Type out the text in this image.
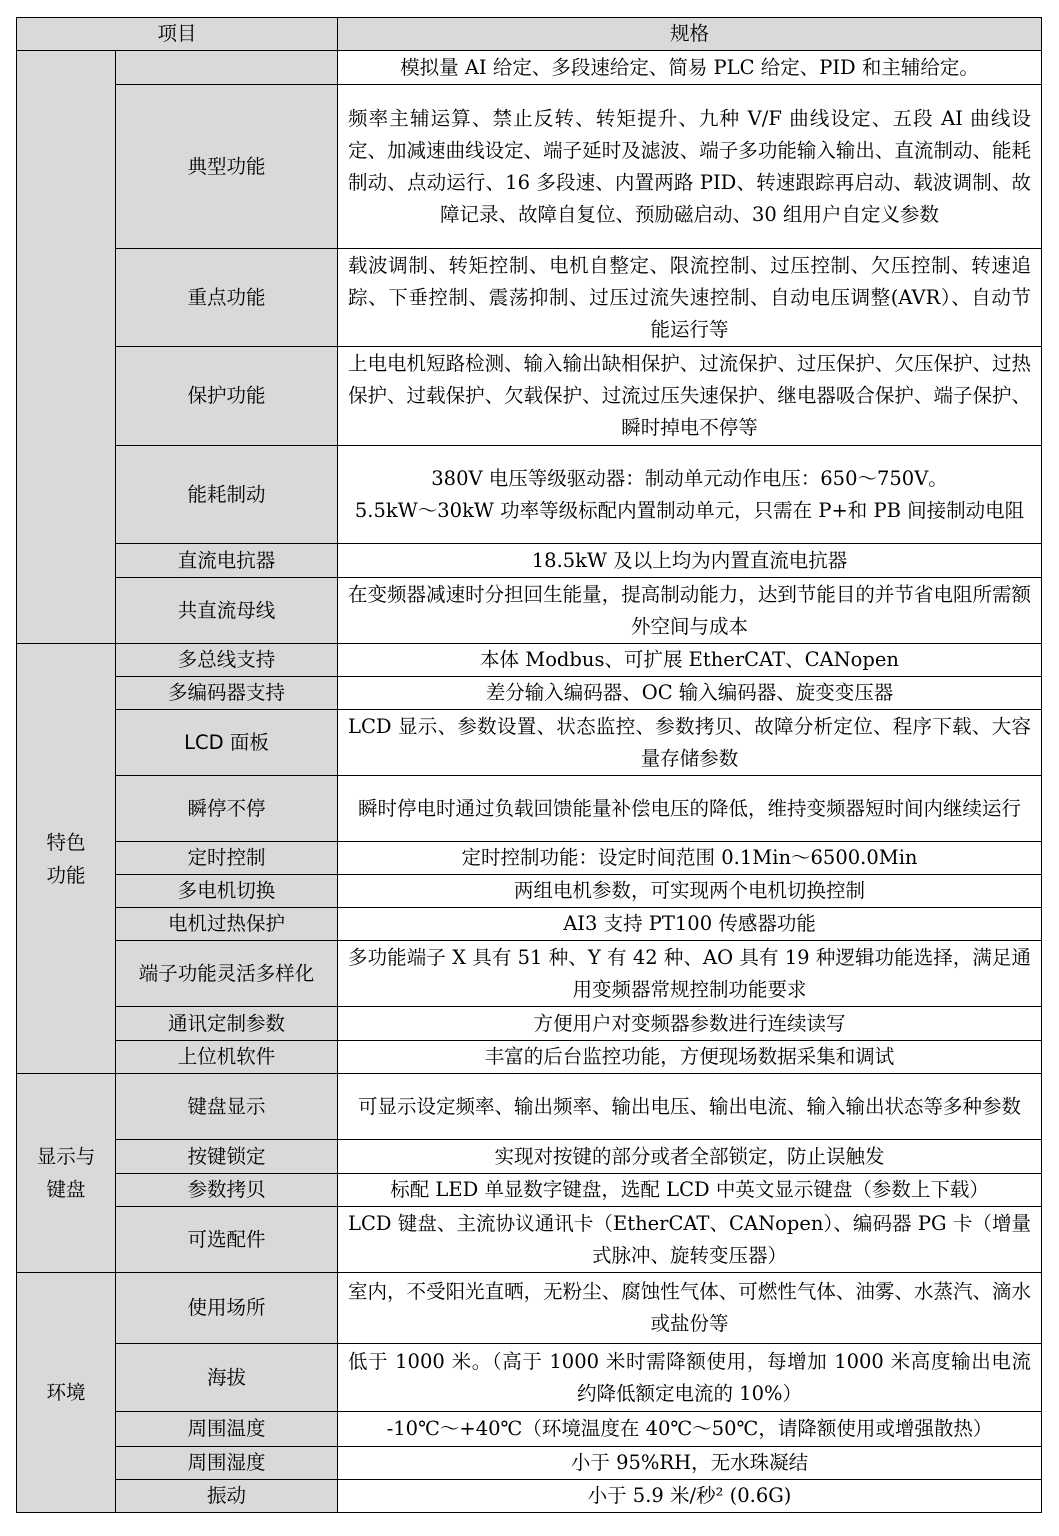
项目		规格
		模拟量 AI 给定、多段速给定、简易 PLC 给定、PID 和主辅给定。
	典型功能	频率主辅运算、禁止反转、转矩提升、九种 V/F 曲线设定、五段 AI 曲线设定、加减速曲线设定、端子延时及滤波、端子多功能输入输出、直流制动、能耗制动、点动运行、16 多段速、内置两路 PID、转速跟踪再启动、载波调制、故障记录、故障自复位、预励磁启动、30 组用户自定义参数
	重点功能	载波调制、转矩控制、电机自整定、限流控制、过压控制、欠压控制、转速追踪、下垂控制、震荡抑制、过压过流失速控制、自动电压调整(AVR）、自动节能运行等
	保护功能	上电电机短路检测、输入输出缺相保护、过流保护、过压保护、欠压保护、过热保护、过载保护、欠载保护、过流过压失速保护、继电器吸合保护、端子保护、瞬时掉电不停等
	能耗制动	380V 电压等级驱动器：制动单元动作电压：650～750V。
5.5kW～30kW 功率等级标配内置制动单元，只需在 P+和 PB 间接制动电阻
	直流电抗器	18.5kW 及以上均为内置直流电抗器
	共直流母线	在变频器减速时分担回生能量，提高制动能力，达到节能目的并节省电阻所需额外空间与成本
特色
功能	多总线支持	本体 Modbus、可扩展 EtherCAT、CANopen
	多编码器支持	差分输入编码器、OC 输入编码器、旋变变压器
	LCD 面板	LCD 显示、参数设置、状态监控、参数拷贝、故障分析定位、程序下载、大容量存储参数
	瞬停不停	瞬时停电时通过负载回馈能量补偿电压的降低，维持变频器短时间内继续运行
	定时控制	定时控制功能：设定时间范围 0.1Min～6500.0Min
	多电机切换	两组电机参数，可实现两个电机切换控制
	电机过热保护	AI3 支持 PT100 传感器功能
	端子功能灵活多样化	多功能端子 X 具有 51 种、Y 有 42 种、AO 具有 19 种逻辑功能选择，满足通用变频器常规控制功能要求
	通讯定制参数	方便用户对变频器参数进行连续读写
	上位机软件	丰富的后台监控功能，方便现场数据采集和调试
显示与
键盘	键盘显示	可显示设定频率、输出频率、输出电压、输出电流、输入输出状态等多种参数
	按键锁定	实现对按键的部分或者全部锁定，防止误触发
	参数拷贝	标配 LED 单显数字键盘，选配 LCD 中英文显示键盘（参数上下载）
	可选配件	LCD 键盘、主流协议通讯卡（EtherCAT、CANopen）、编码器 PG 卡（增量式脉冲、旋转变压器）
环境	使用场所	室内，不受阳光直晒，无粉尘、腐蚀性气体、可燃性气体、油雾、水蒸汽、滴水或盐份等
	海拔	低于 1000 米。（高于 1000 米时需降额使用，每增加 1000 米高度输出电流约降低额定电流的 10%）
	周围温度	-10℃～+40℃（环境温度在 40℃～50℃，请降额使用或增强散热）
	周围湿度	小于 95%RH，无水珠凝结
	振动	小于 5.9 米/秒² (0.6G)
